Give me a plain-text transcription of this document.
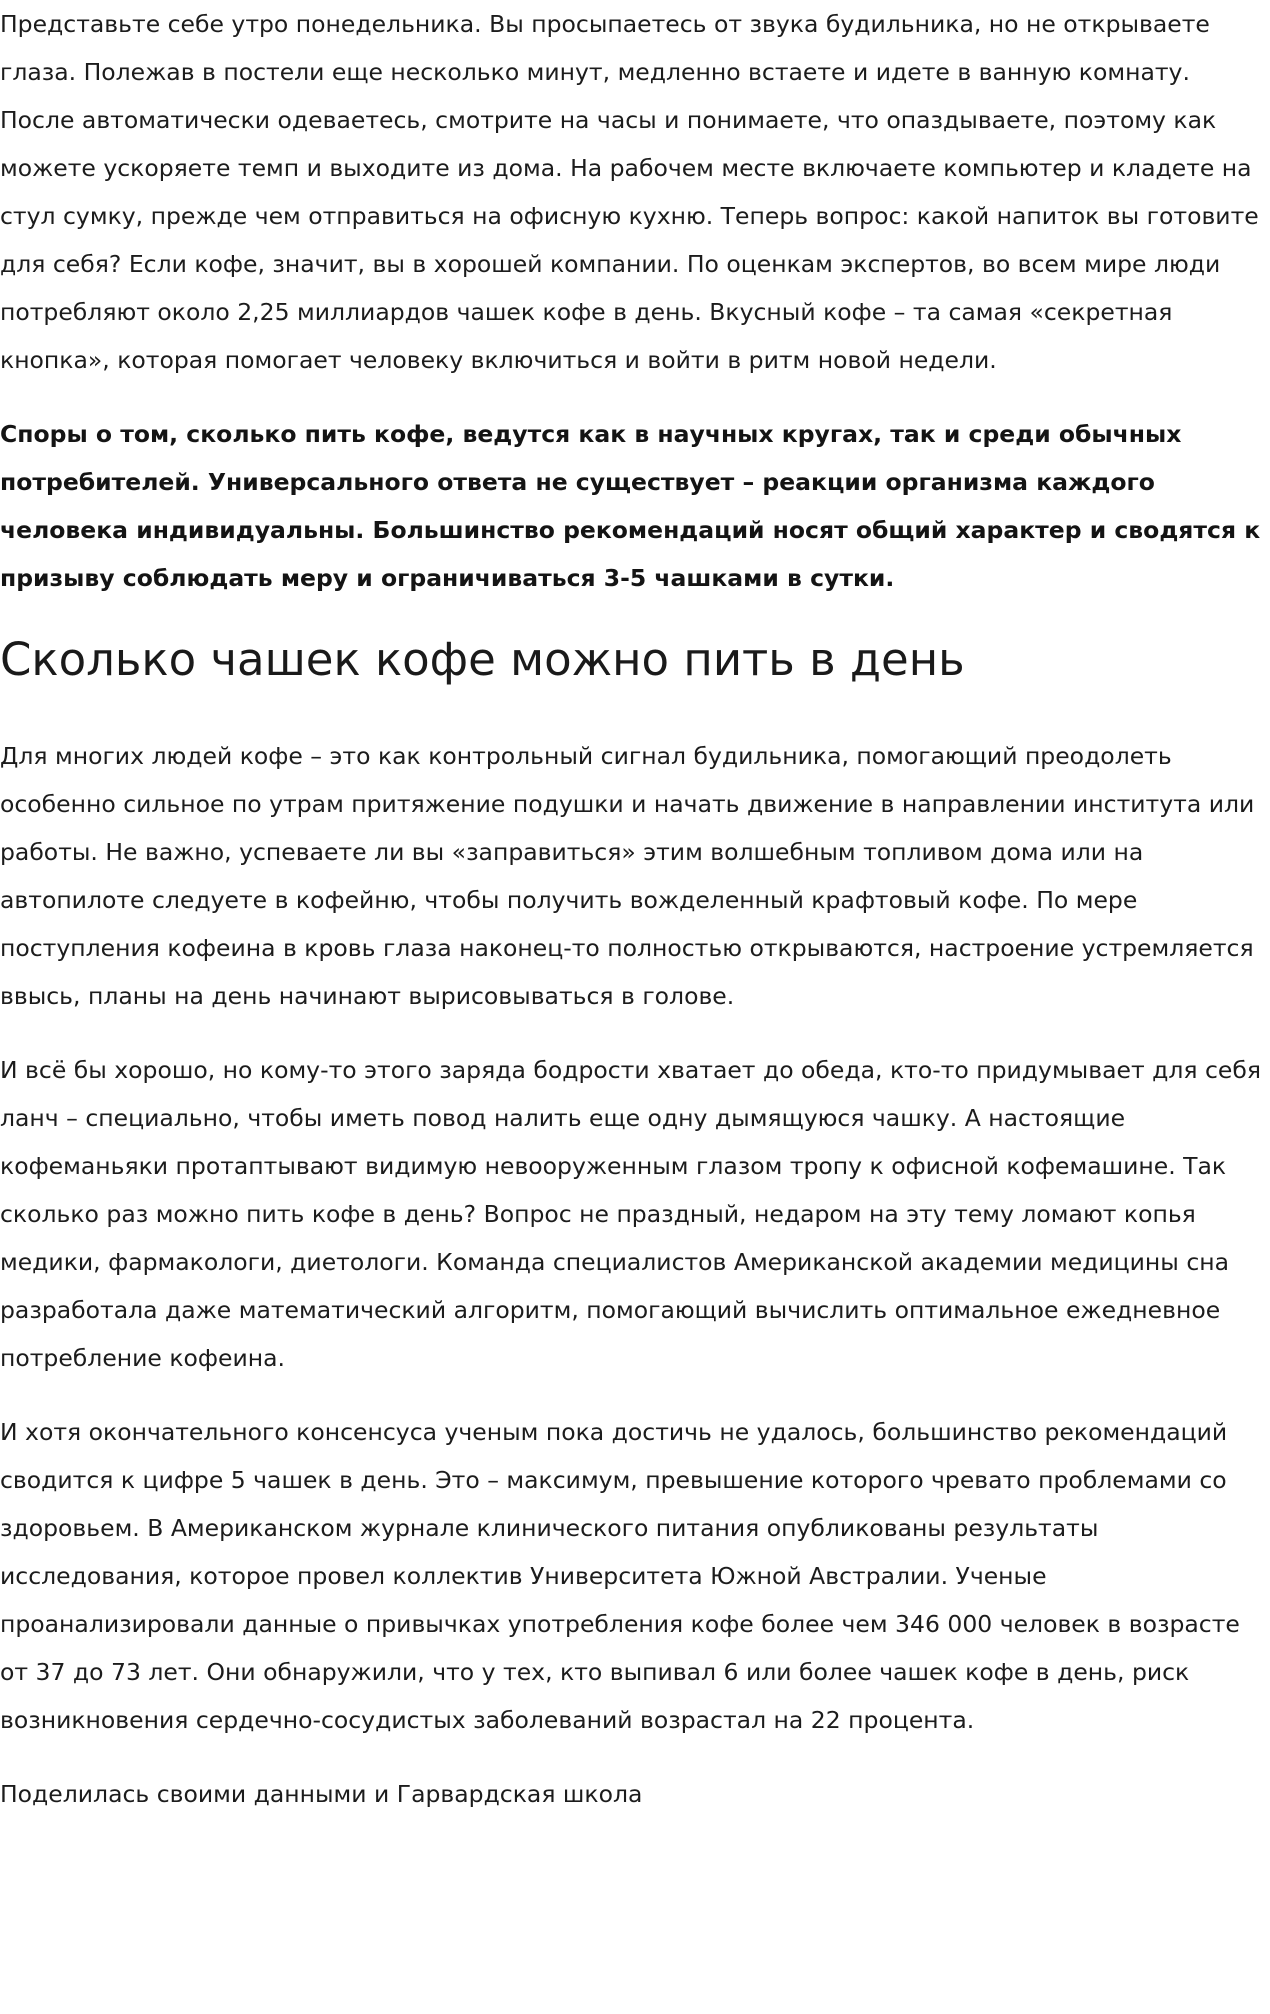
Представьте себе утро понедельника. Вы просыпаетесь от звука будильника, но не открываете глаза. Полежав в постели еще несколько минут, медленно встаете и идете в ванную комнату. После автоматически одеваетесь, смотрите на часы и понимаете, что опаздываете, поэтому как можете ускоряете темп и выходите из дома. На рабочем месте включаете компьютер и кладете на стул сумку, прежде чем отправиться на офисную кухню. Теперь вопрос: какой напиток вы готовите для себя? Если кофе, значит, вы в хорошей компании. По оценкам экспертов, во всем мире люди потребляют около 2,25 миллиардов чашек кофе в день. Вкусный кофе – та самая «секретная кнопка», которая помогает человеку включиться и войти в ритм новой недели.

Споры о том, сколько пить кофе, ведутся как в научных кругах, так и среди обычных потребителей. Универсального ответа не существует – реакции организма каждого человека индивидуальны. Большинство рекомендаций носят общий характер и сводятся к призыву соблюдать меру и ограничиваться 3-5 чашками в сутки.

Сколько чашек кофе можно пить в день

Для многих людей кофе – это как контрольный сигнал будильника, помогающий преодолеть особенно сильное по утрам притяжение подушки и начать движение в направлении института или работы. Не важно, успеваете ли вы «заправиться» этим волшебным топливом дома или на автопилоте следуете в кофейню, чтобы получить вожделенный крафтовый кофе. По мере поступления кофеина в кровь глаза наконец-то полностью открываются, настроение устремляется ввысь, планы на день начинают вырисовываться в голове.

И всё бы хорошо, но кому-то этого заряда бодрости хватает до обеда, кто-то придумывает для себя ланч – специально, чтобы иметь повод налить еще одну дымящуюся чашку. А настоящие кофеманьяки протаптывают видимую невооруженным глазом тропу к офисной кофемашине. Так сколько раз можно пить кофе в день? Вопрос не праздный, недаром на эту тему ломают копья медики, фармакологи, диетологи. Команда специалистов Американской академии медицины сна разработала даже математический алгоритм, помогающий вычислить оптимальное ежедневное потребление кофеина.

И хотя окончательного консенсуса ученым пока достичь не удалось, большинство рекомендаций сводится к цифре 5 чашек в день. Это – максимум, превышение которого чревато проблемами со здоровьем. В Американском журнале клинического питания опубликованы результаты исследования, которое провел коллектив Университета Южной Австралии. Ученые проанализировали данные о привычках употребления кофе более чем 346 000 человек в возрасте от 37 до 73 лет. Они обнаружили, что у тех, кто выпивал 6 или более чашек кофе в день, риск возникновения сердечно-сосудистых заболеваний возрастал на 22 процента.

Поделилась своими данными и Гарвардская школа
